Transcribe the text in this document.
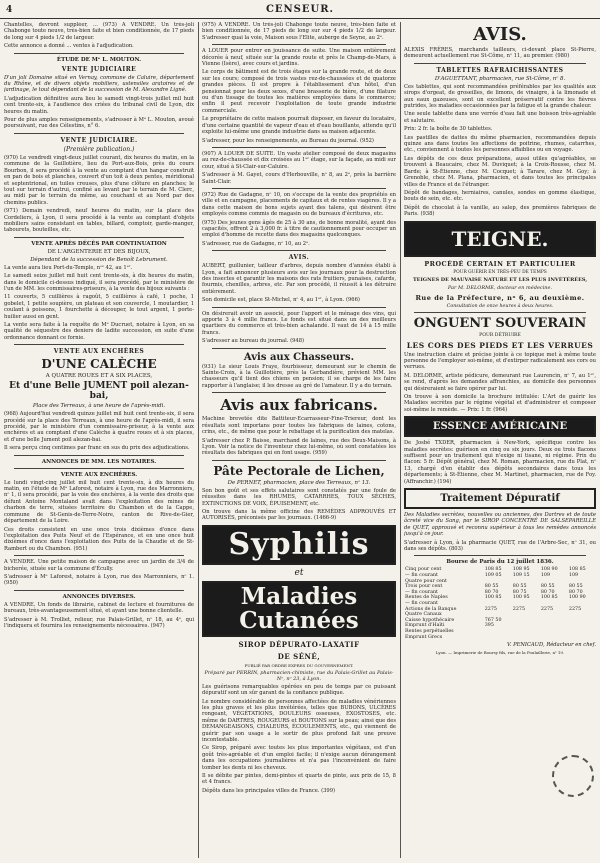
4	CENSEUR.

Chantelles, devront suppléer, ... (973) A VENDRE. Un très-joli Chabonge toute neuve, très-bien faite et bien conditionnée, de 17 pieds de long sur 4 pieds 1/2 de largeur.

Cette annonce a donné ... ventes à l'adjudication.

ÉTUDE DE Mᵉ L. MOUTON.
VENTE JUDICIAIRE

D'un joli Domaine situé en Vernay, commune de Caluire, département du Rhône, et de divers objets mobiliers, ustensiles aratoires et de jardinage, le tout dépendant de la succession de M. Alexandre Ligné.

L'adjudication définitive aura lieu le samedi vingt-trois juillet mil huit cent trente-six, à l'audience des criées du tribunal civil de Lyon, dix heures du matin.

Pour de plus amples renseignements, s'adresser à Mᵉ L. Mouton, avoué poursuivant, rue des Célestins, n° 6.

VENTE JUDICIAIRE.
(Première publication.)

(970) Le vendredi vingt-deux juillet courant, dix heures du matin, en la commune de la Guillotière, lieu du Port-aux-Bois, près du cours Bourbon, il sera procédé à la vente au comptant d'un hangar construit en pan de bois et planches, couvert d'un toit à deux pentes, méridional et septentrional, en tuiles creuses, plus d'une clôture en planches; le tout sur terrain d'autrui, confiné au levant par le terrain de M. Clerc, au midi par le terrain du même, au couchant et au Nord par des chemins publics.

(971) Demain vendredi, neuf heures du matin, sur la place des Cordeliers, à Lyon, il sera procédé à la vente au comptant d'objets mobiliers sains consistant en tables, billard, comptoir, garde-manger, tabourets, bouteilles, etc.

VENTE APRÈS DÉCÈS PAR CONTINUATION
DE L'ARGENTERIE ET DES BIJOUX,
Dépendant de la succession de Benoît Lebrument.

La vente aura lieu Port-du-Temple, nᵒˢ 42, au 1ᵉʳ.

Le samedi seize juillet mil huit cent trente-six, à dix heures du matin, dans le domicile ci-dessus indiqué, il sera procédé, par le ministère de l'un de MM. les commissaires-priseurs, à la vente des bijoux suivants :

11 couverts, 5 cuillières à ragoût, 5 cuillières à café, 1 poche, 1 gobelet, 1 petite soupière, un plateau et son couvercle, 1 moutardier, 1 coulant à poissons, 1 fourchette à découper, le tout argent, 1 porte-huilier aussi en gent.

La vente sera faite à la requête de Mᵉ Ducruet, notaire à Lyon, en sa qualité de séquestre des deniers de ladite succession, en suite d'une ordonnance donnant ce fornie.

VENTE AUX ENCHÈRES
D'UNE CALÈCHE
A QUATRE ROUES ET A SIX PLACES,
Et d'une Belle JUMENT poil alezan-bai,
Place des Terreaux, à une heure de l'après-midi.

(968) Aujourd'hui vendredi quinze juillet mil huit cent trente-six, il sera procédé sur la place des Terreaux, à une heure de l'après-midi, il sera procédé, par le ministère d'un commissaire-priseur, à la vente aux enchères et au comptant d'une Calèche à quatre roues et à six places, et d'une belle Jument poil alezan-bai.

Il sera perçu cinq centimes par franc en sus du prix des adjudications.

ANNONCES DE MM. LES NOTAIRES.
VENTE AUX ENCHÈRES.

Le lundi vingt-cinq juillet mil huit cent trente-six, à dix heures du matin, en l'étude de Mᵉ Laforest, notaire à Lyon, rue des Marronniers, nᵒ 1, il sera procédé, par la voie des enchères, à la vente des droits que défunt Antoine Montaland avait dans l'exploitation des mines de charbon de terre, situées territoire du Chambon et de la Cappe, commune de St-Genis-de-Terre-Noire, canton de Rive-de-Gier, département de la Loire.

Ces droits consistent en une once trois dixièmes d'once dans l'exploitation des Puits Neuf et de l'Espérance, et en une once huit dixièmes d'once dans l'exploitation des Puits de la Chaudie et de St-Rambert ou du Chambon. (951)

A VENDRE. Une petite maison de campagne avec un jardin de 3/4 de bicherée, située sur la commune d'Écully.

S'adresser à Mᵉ Laforest, notaire à Lyon, rue des Marronniers, nᵒ 1. (950)

ANNONCES DIVERSES.

A VENDRE. Un fonds de librairie, cabinet de lecture et fournitures de bureaux, très-avantageusement situé, et ayant une bonne clientelle.

S'adresser à M. Trolliet, relieur, rue Palais-Grillet, nᵒ 18, au 4ᵉ, qui l'indiquera et fournira les renseignements nécessaires. (947)

(975) A VENDRE. Un très-joli Chabonge toute neuve, très-bien faite et bien conditionnée, de 17 pieds de long sur sur 4 pieds 1/2 de largeur. S'adresser quai la voie, Maison sous l'Elite, auberge de Seyne, au 2ᵉ.

A LOUER pour entrer en jouissance de suite. Une maison entièrement décorée à neuf, située sur la grande route et près le Champ-de-Mars, à Vienne (Isère), avec cours et jardins.

Le corps de bâtiment est de trois étages sur la grande route, et de deux sur les cours; composé de trois vastes rez-de-chaussées et de quatorze grandes pièces. Il est propre à l'établissement d'un hôtel, d'un pensionnat pour les deux sexes, d'une brasserie de bière, d'une filature ou d'un tissage de toutes les matières employées dans le commerce; enfin il peut recevoir l'exploitation de toute grande industrie commerciale.

Le propriétaire de cette maison pourrait disposer, en faveur du locataire, d'une certaine quantité de vapeur d'eau et d'eau bouillante, attendu qu'il exploite lui-même une grande industrie dans sa maison adjacente.

S'adresser, pour les renseignements, au Bureau du journal. (952)

(907) A LOUER DE SUITE. Un vaste atelier composé de deux magasins au rez-de-chaussée et dix croisées au 1ᵉʳ étage, sur la façade, au midi sur cour, situé à St-Clair-sur-Caluire.

S'adresser à M. Gayet, cours d'Herbouville, nᵒ 8, au 2ᵉ, près la barrière Saint-Clair.

(972) Rue de Gadagne, nᵒ 10, on s'occupe de la vente des propriétés en ville et en campagne, placements de capitaux et de rentes viagères. Il y a dans cette maison de bons sujets ayant des talens, qui désirent être employés comme commis de magasin ou de bureaux d'écritures, etc.

(975) Des jeunes gens âgés de 25 à 30 ans, de bonne moralité, ayant des capacités, offrent 2 à 3,000 fr. à titre de cautionnement pour occuper un emploi d'homme de recette dans des magasins quelconques.

S'adresser, rue de Gadagne, nᵒ 10, au 2ᵉ.

AVIS.

AUBERT, guillunier, tailleur d'arbres, depuis nombre d'années établi à Lyon, a fait annoncer plusieurs avis sur les journaux pour la destruction des insectes et garantir les maisons des rats fruitiers, punaises, cafards, fourmis, chenilles, arbres, etc. Par son procédé, il réussit à les détruire entièrement.

Son domicile est, place St-Michel, nᵒ 4, au 1ᵉʳ, à Lyon. (966)

On désirerait avoir un associé, pour l'apport et le ménage des vins, qui apporte 3 à 4 mille francs. Le fonds est situé dans un des meilleurs quartiers du commerce et très-bien achalandé. Il vaut de 14 à 15 mille francs.

S'adresser au bureau du journal. (948)

Avis aux Chasseurs.

(931) Le sieur Louis Fraye, fourbisseur, demeurant sur le chemin de Sainte-Croix, à la Guillotière, près la Gerbandière, prévient MM. les chasseurs qu'il tient des chiens en pension; il se charge de les faire rapporter à l'anglaise; il les dresse au gré de l'amateur. Il y a du terrain.

Avis aux fabricans.

Machine brevetée dite Battiteur-Ecarrasseur-Fine-Triereur, dont les résultats sont importans pour toutes les fabriques de laines, cotons, crins, etc., de même que pour le rebattage et la purification des matelas.

S'adresser chez P. Baisse, marchand de laines, rue des Deux-Maisons, à Lyon. Voir la notice de l'inventeur chez lui-même, où sont constatées les résultats des fabriques qui en font usage. (959)

Pâte Pectorale de Lichen,
De PERNET, pharmacien, place des Terreaux, nᵒ 13.

Son bon goût et ses effets salutaires sont constatés par une foule de réussites dans les RHUMES, CATARRHES, TOUX SÈCHES, EXTINCTIONS DE VOIX, ÉPUISEMENT, etc.

On trouve dans la même officine des REMÈDES ADPROUVÉS ET AUTORISÉS, préconisés par les journaux. (1466-9)

Syphilis
et
Maladies Cutanées
SIROP DÉPURATO-LAXATIF
DE SÉNÉ,
PUBLIÉ PAR ORDRE EXPRES DU GOUVERNEMENT.
Préparé par PERRIN, pharmacien-chimiste, rue du Palais-Grillet au Palais-Nᵒ, nᵒ 23, à Lyon.

Les guérisons remarquables opérées en peu de temps par ce puissant dépuratif sont un sûr garant de la confiance publique.

Le nombre considérable de personnes affectées de maladies vénériennes les plus graves et les plus invétérées, telles que BUBONS, ULCÈRES rongeant, VÉGÉTATIONS, DOULEURS osseuses, EXOSTOSES, etc. même de DARTRES, ROUGEURS et BOUTONS sur la peau; ainsi que des DEMANGEAISONS, CHALEURS, ÉCOULEMENTS, etc., qui viennent de guérir par son usage a le sortir de plus profond fait une preuve incontestable.

Ce Sirop, préparé avec toutes les plus importantes végétaux, est d'un goût très-agréable et d'un emploi facile; il n'exige aucun dérangement dans les occupations journalières et n'a pas l'inconvénient de faire tomber les dents ni les cheveux.

Il se débite par pintes, demi-pintes et quarts de pinte, aux prix de 15, 8 et 4 francs.

Dépôts dans les principales villes de France. (399)

AVIS.

ALEXIS FRÈRES, marchands tailleurs, ci-devant place St-Pierre, demeurent actuellement rue St-Côme, nᵒ 11, au premier. (980)

TABLETTES RAFRAICHISSANTES
D'AGUETTANT, pharmacien, rue St-Côme, nᵒ 8.

Ces tablettes, qui sont recommandées préférables par les qualités aux sirops d'orgeat, de groseilles, de limons, de vinaigre, à la limonade et aux eaux gazeuses, sont un excellent préservatif contre les fièvres putrides, les maladies occasionnées par la fatigue et la grande chaleur.

Une seule tablette dans une verrée d'eau fait une boisson très-agréable et salutaire.

Prix: 2 fr. la boîte de 30 tablettes.

Les pastilles de dattes du même pharmacien, recommandées depuis quinze ans dans toutes les affections de poitrine, rhumes, catarrhes, etc., conviennent à toutes les personnes affaiblies ou en voyage.

Les dépôts de ces deux préparations, aussi utiles qu'agréables, se trouvent à Beaucaire, chez M. Duviquet; à la Croix-Rousse, chez M. Barde; à St-Étienne, chez M. Cocquet; à Tarare, chez M. Goy; à Grenoble, chez M. Plana, pharmacien, et dans toutes les principales villes de France et de l'étranger.

Dépôt de bandages, herniaires, canules, sondes en gomme élastique, bouts de sein, etc. etc.

Dépôt de chocolat à la vanille, au salep, des premières fabriques de Paris. (938)

TEIGNE.
PROCÉDÉ CERTAIN ET PARTICULIER
POUR GUÉRIR EN TRÈS-PEU DE TEMPS
TEIGNES DE MAUVAISE NATURE ET LES PLUS INVÉTÉRÉES,
Par M. DELORME, docteur en médecine.
Rue de la Préfecture, nᵒ 6, au deuxième.
Consultation de onze heures à deux heures.
ONGUENT SOUVERAIN
POUR DÉTRUIRE
LES CORS DES PIEDS ET LES VERRUES

Une instruction claire et précise jointe à ce topique met à même toute personne de l'employer soi-même, et d'extirper radicalement ses cors ou verrues.

M. DELORME, artiste pédicure, demeurant rue Laurencin, nᵒ 7, au 1ᵉʳ, se rend, d'après les demandes affranchies, au domicile des personnes qui désireraient se faire opérer par lui.

On trouve à son domicile la brochure intitulée: L'Art de guérir les Maladies secrètes par le régime végétal et d'administrer et composer soi-même le remède. — Prix: 1 fr. (964)

ESSENCE AMÉRICAINE

De Josbé TXDER, pharmacien à New-York, spécifique contre les maladies secrètes: guérison en cinq ou six jours. Deux ou trois flacons suffisent pour un traitement qui n'exige ni tisane, ni régime. Prix du flacon: 5 fr. Dépôt général, chez M. Roman, pharmacien, rue du Plat, nᵒ 13, chargé d'en établir des dépôts secondaires dans tous les départements; à St-Étienne, chez M. Martinet, pharmacien, rue de Foy. (Affranchir.) (194)

Traitement Dépuratif

Des Maladies secrètes, nouvelles ou anciennes, des Dartres et de toute âcreté vice du Sang, par le SIROP CONCENTRÉ DE SALSEPAREILLE de QUET, approuvé et reconnu supérieur à tous les remèdes annoncés jusqu'à ce jour.

S'adresser à Lyon, à la pharmacie QUET, rue de l'Arbre-Sec, nᵒ 31, ou dans ses dépôts. (803)

Bourse de Paris du 12 juillet 1836.
Cinq pour cent	108 85	108 95	108 90	108 85
— fin courant	109 05	109 15	109	109
Quatre pour cent				
Trois pour cent	80 55	80 55	80 55	80 55
— fin courant	80 70	80 75	80 70	80 70
Rentes de Naples	100 85	100 95	100 85	100 90
— fin courant				
Actions de la Banque	2275	2275	2275	2275
Quatre Canaux				
Caisse hypothécaire	767 50			
Emprunt d'Haïti	395			
Rentes perpétuelles				
Emprunt Grecs				
V. PENICAUD, Rédacteur en chef.
Lyon. — Imprimerie de Boursy fils, rue de la Poulaillerie, nᵒ 19.
